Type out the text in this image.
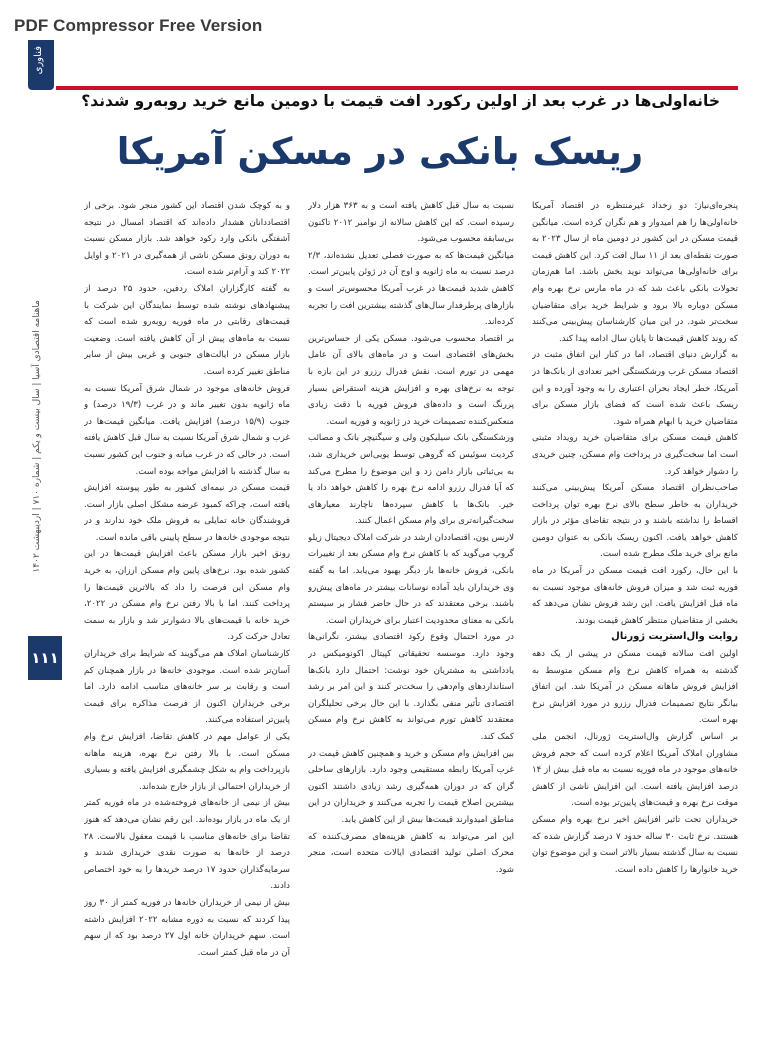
PDF Compressor Free Version
فناوری
خانه‌اولی‌ها در غرب بعد از اولین رکورد افت قیمت با دومین مانع خرید روبه‌رو شدند؟
ریسک بانکی در مسکن آمریکا
ماهنامه اقتصادی آسیا | سال بیست و یکم | شماره ۷۱۰ | اردیبهشت ۱۴۰۲
۱۱۱

پنجره‌ای‌نیاز: دو رخداد غیرمنتظره در اقتصاد آمریکا خانه‌اولی‌ها را هم امیدوار و هم نگران کرده است. میانگین قیمت مسکن در این کشور در دومین ماه از سال ۲۰۲۳ به صورت نقطه‌ای بعد از ۱۱ سال افت کرد. این کاهش قیمت برای خانه‌اولی‌ها می‌تواند نوید بخش باشد. اما هم‌زمان تحولات بانکی باعث شد که در ماه مارس نرخ بهره وام مسکن دوباره بالا برود و شرایط خرید برای متقاضیان سخت‌تر شود. در این میان کارشناسان پیش‌بینی می‌کنند که روند کاهش قیمت‌ها تا پایان سال ادامه پیدا کند.

به گزارش دنیای اقتصاد، اما در کنار این اتفاق مثبت در اقتصاد مسکن غرب ورشکستگی اخیر تعدادی از بانک‌ها در آمریکا، خطر ایجاد بحران اعتباری را به وجود آورده و این ریسک باعث شده است که فضای بازار مسکن برای متقاضیان خرید با ابهام همراه شود.

کاهش قیمت مسکن برای متقاضیان خرید رویداد مثبتی است اما سخت‌گیری در پرداخت وام مسکن، چنین خریدی را دشوار خواهد کرد.

صاحب‌نظران اقتصاد مسکن آمریکا پیش‌بینی می‌کنند خریداران به خاطر سطح بالای نرخ بهره توان پرداخت اقساط را نداشته باشند و در نتیجه تقاضای مؤثر در بازار کاهش خواهد یافت. اکنون ریسک بانکی به عنوان دومین مانع برای خرید ملک مطرح شده است.

با این حال، رکورد افت قیمت مسکن در آمریکا در ماه فوریه ثبت شد و میزان فروش خانه‌های موجود نسبت به ماه قبل افزایش یافت. این رشد فروش نشان می‌دهد که بخشی از متقاضیان منتظر کاهش قیمت بودند.

روایت وال‌استریت ژورنال

اولین افت سالانه قیمت مسکن در پیشی از یک دهه گذشته به همراه کاهش نرخ وام مسکن متوسط به افزایش فروش ماهانه مسکن در آمریکا شد. این اتفاق بیانگر نتایج تصمیمات فدرال رزرو در مورد افزایش نرخ بهره است.

بر اساس گزارش وال‌استریت ژورنال، انجمن ملی مشاوران املاک آمریکا اعلام کرده است که حجم فروش خانه‌های موجود در ماه فوریه نسبت به ماه قبل بیش از ۱۴ درصد افزایش یافته است. این افزایش ناشی از کاهش موقت نرخ بهره و قیمت‌های پایین‌تر بوده است.

خریداران تحت تاثیر افزایش اخیر نرخ بهره وام مسکن هستند. نرخ ثابت ۳۰ ساله حدود ۷ درصد گزارش شده که نسبت به سال گذشته بسیار بالاتر است و این موضوع توان خرید خانوارها را کاهش داده است.

نسبت به سال قبل کاهش یافته است و به ۳۶۳ هزار دلار رسیده است. که این کاهش سالانه از نوامبر ۲۰۱۲ تاکنون بی‌سابقه محسوب می‌شود.

میانگین قیمت‌ها که به صورت فصلی تعدیل نشده‌اند، ۲/۳ درصد نسبت به ماه ژانویه و اوج آن در ژوئن پایین‌تر است. کاهش شدید قیمت‌ها در غرب آمریکا محسوس‌تر است و بازارهای پرطرفدار سال‌های گذشته بیشترین افت را تجربه کرده‌اند.

بر اقتصاد محسوب می‌شود. مسکن یکی از حساس‌ترین بخش‌های اقتصادی است و در ماه‌های بالای آن عامل مهمی در تورم است. نقش فدرال رزرو در این بازه با توجه به نرخ‌های بهره و افزایش هزینه استقراض بسیار پررنگ است و داده‌های فروش فوریه با دقت زیادی منعکس‌کننده تصمیمات خرید در ژانویه و فوریه است.

ورشکستگی بانک سیلیکون ولی و سیگنیچر بانک و مصائب کردیت سوئیس که گروهی توسط یو‌بی‌اس خریداری شد، به بی‌ثباتی بازار دامن زد و این موضوع را مطرح می‌کند که آیا فدرال رزرو ادامه نرخ بهره را کاهش خواهد داد یا خیر. بانک‌ها با کاهش سپرده‌ها ناچارند معیارهای سخت‌گیرانه‌تری برای وام مسکن اعمال کنند.

لارنس یون، اقتصاددان ارشد در شرکت املاک دیجیتال زیلو گروپ می‌گوید که با کاهش نرخ وام مسکن بعد از تغییرات بانکی، فروش خانه‌ها بار دیگر بهبود می‌یابد. اما به گفته وی خریداران باید آماده نوسانات بیشتر در ماه‌های پیش‌رو باشند. برخی معتقدند که در حال حاضر فشار بر سیستم بانکی به معنای محدودیت اعتبار برای خریداران است.

در مورد احتمال وقوع رکود اقتصادی بیشتر، نگرانی‌ها وجود دارد. موسسه تحقیقاتی کپیتال اکونومیکس در یادداشتی به مشتریان خود نوشت: احتمال دارد بانک‌ها استانداردهای وام‌دهی را سخت‌تر کنند و این امر بر رشد اقتصادی تأثیر منفی بگذارد. با این حال برخی تحلیلگران معتقدند کاهش تورم می‌تواند به کاهش نرخ وام مسکن کمک کند.

بین افزایش وام مسکن و خرید و همچنین کاهش قیمت در غرب آمریکا رابطه مستقیمی وجود دارد. بازارهای ساحلی گران که در دوران همه‌گیری رشد زیادی داشتند اکنون بیشترین اصلاح قیمت را تجربه می‌کنند و خریداران در این مناطق امیدوارند قیمت‌ها بیش از این کاهش یابد.

این امر می‌تواند به کاهش هزینه‌های مصرف‌کننده که محرک اصلی تولید اقتصادی ایالات متحده است، منجر شود.

و به کوچک شدن اقتصاد این کشور منجر شود. برخی از اقتصاددانان هشدار داده‌اند که اقتصاد امسال در نتیجه آشفتگی بانکی وارد رکود خواهد شد. بازار مسکن نسبت به دوران رونق مسکن ناشی از همه‌گیری در ۲۰۲۱ و اوایل ۲۰۲۲ کند و آرام‌تر شده است.

به گفته کارگزاران املاک ردفین، حدود ۲۵ درصد از پیشنهادهای نوشته شده توسط نمایندگان این شرکت با قیمت‌های رقابتی در ماه فوریه روبه‌رو شده است که نسبت به ماه‌های پیش از آن کاهش یافته است. وضعیت بازار مسکن در ایالت‌های جنوبی و غربی بیش از سایر مناطق تغییر کرده است.

فروش خانه‌های موجود در شمال شرق آمریکا نسبت به ماه ژانویه بدون تغییر ماند و در غرب (۱۹/۳ درصد) و جنوب (۱۵/۹ درصد) افزایش یافت. میانگین قیمت‌ها در غرب و شمال شرق آمریکا نسبت به سال قبل کاهش یافته است. در حالی که در غرب میانه و جنوب این کشور نسبت به سال گذشته با افزایش مواجه بوده است.

قیمت مسکن در نیمه‌ای کشور به طور پیوسته افزایش یافته است، چراکه کمبود عرضه مشکل اصلی بازار است. فروشندگان خانه تمایلی به فروش ملک خود ندارند و در نتیجه موجودی خانه‌ها در سطح پایینی باقی مانده است.

رونق اخیر بازار مسکن باعث افزایش قیمت‌ها در این کشور شده بود. نرخ‌های پایین وام مسکن ارزان، به خرید وام مسکن این فرصت را داد که بالاترین قیمت‌ها را پرداخت کنند. اما با بالا رفتن نرخ وام مسکن در ۲۰۲۲، خرید خانه با قیمت‌های بالا دشوارتر شد و بازار به سمت تعادل حرکت کرد.

کارشناسان املاک هم می‌گویند که شرایط برای خریداران آسان‌تر شده است. موجودی خانه‌ها در بازار همچنان کم است و رقابت بر سر خانه‌های مناسب ادامه دارد. اما برخی خریداران اکنون از فرصت مذاکره برای قیمت پایین‌تر استفاده می‌کنند.

یکی از عوامل مهم در کاهش تقاضا، افزایش نرخ وام مسکن است. با بالا رفتن نرخ بهره، هزینه ماهانه بازپرداخت وام به شکل چشمگیری افزایش یافته و بسیاری از خریداران احتمالی از بازار خارج شده‌اند.

بیش از نیمی از خانه‌های فروخته‌شده در ماه فوریه کمتر از یک ماه در بازار بوده‌اند. این رقم نشان می‌دهد که هنوز تقاضا برای خانه‌های مناسب با قیمت معقول بالاست. ۲۸ درصد از خانه‌ها به صورت نقدی خریداری شدند و سرمایه‌گذاران حدود ۱۷ درصد خریدها را به خود اختصاص دادند.

بیش از نیمی از خریداران خانه‌ها در فوریه کمتر از ۳۰ روز پیدا کردند که نسبت به دوره مشابه ۲۰۲۲ افزایش داشته است. سهم خریداران خانه اول ۲۷ درصد بود که از سهم آن در ماه قبل کمتر است.
